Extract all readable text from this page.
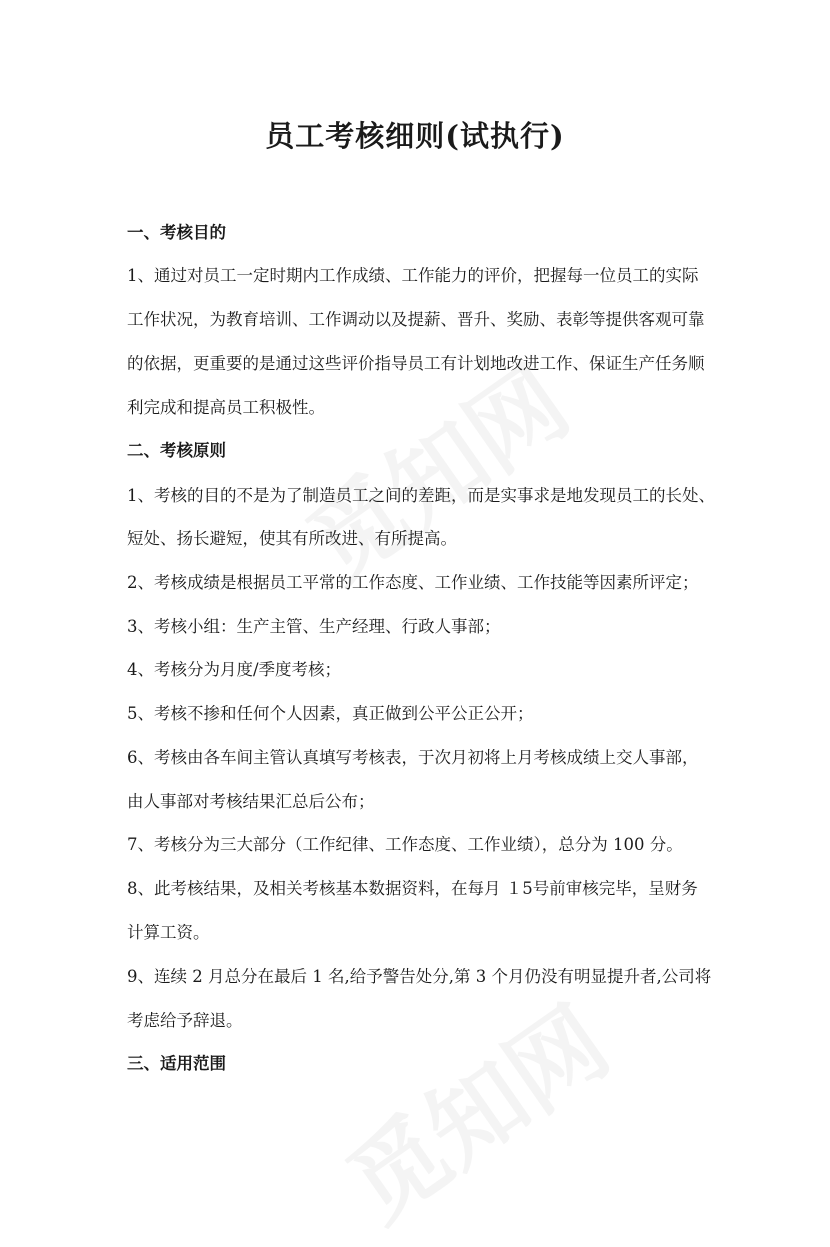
员工考核细则(试执行)
一、考核目的

1、通过对员工一定时期内工作成绩、工作能力的评价，把握每一位员工的实际

工作状况，为教育培训、工作调动以及提薪、晋升、奖励、表彰等提供客观可靠

的依据，更重要的是通过这些评价指导员工有计划地改进工作、保证生产任务顺

利完成和提高员工积极性。

二、考核原则

1、考核的目的不是为了制造员工之间的差距，而是实事求是地发现员工的长处、

短处、扬长避短，使其有所改进、有所提高。

2、考核成绩是根据员工平常的工作态度、工作业绩、工作技能等因素所评定；

3、考核小组：生产主管、生产经理、行政人事部；

4、考核分为月度/季度考核；

5、考核不掺和任何个人因素，真正做到公平公正公开；

6、考核由各车间主管认真填写考核表，于次月初将上月考核成绩上交人事部，

由人事部对考核结果汇总后公布；

7、考核分为三大部分（工作纪律、工作态度、工作业绩），总分为 100 分。

8、此考核结果，及相关考核基本数据资料，在每月 １5号前审核完毕，呈财务

计算工资。

9、连续 2 月总分在最后 1 名,给予警告处分,第 3 个月仍没有明显提升者,公司将

考虑给予辞退。

三、适用范围
